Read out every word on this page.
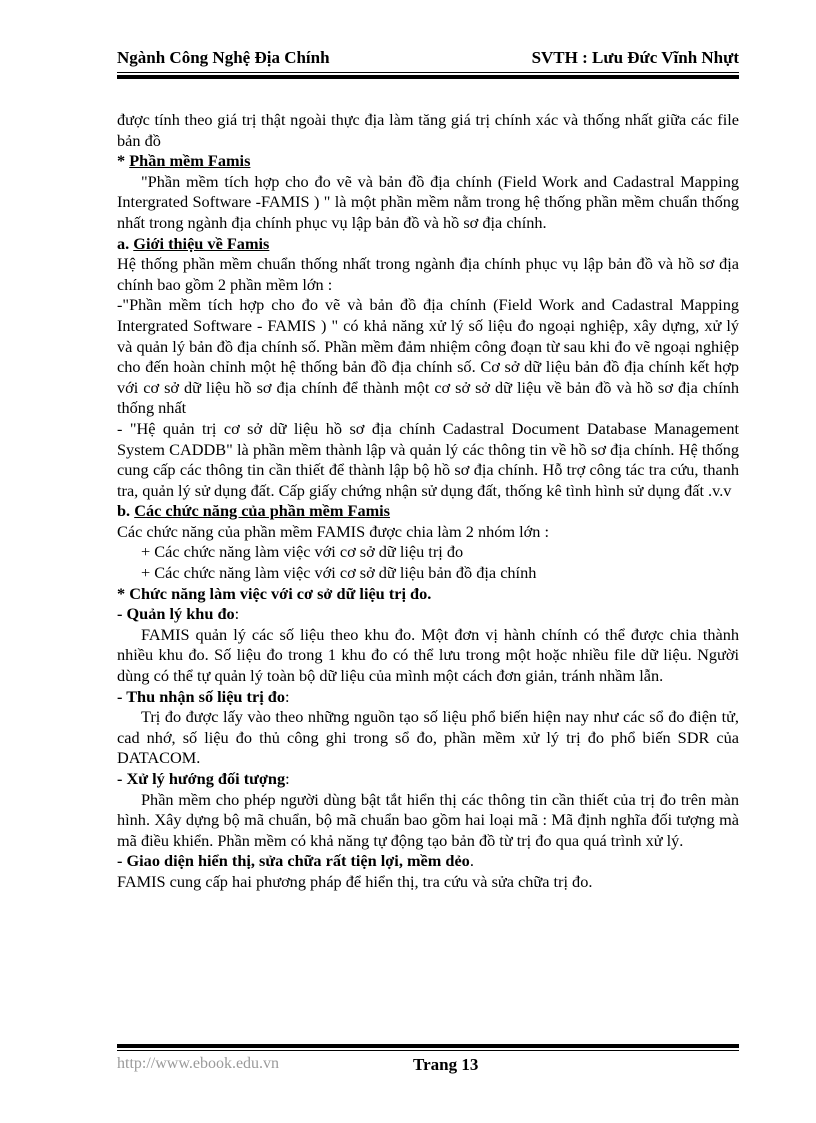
Ngành Công Nghệ Địa Chính	SVTH : Lưu Đức Vĩnh Nhựt

được tính theo giá trị thật ngoài thực địa làm tăng giá trị chính xác và thống nhất giữa các file bản đồ

* Phần mềm Famis

"Phần mềm tích hợp cho đo vẽ và bản đồ địa chính (Field Work and Cadastral Mapping Intergrated Software -FAMIS ) " là một phần mềm nằm trong hệ thống phần mềm chuẩn thống nhất trong ngành địa chính phục vụ lập bản đồ và hồ sơ địa chính.

a. Giới thiệu về Famis

Hệ thống phần mềm chuẩn thống nhất trong ngành địa chính phục vụ lập bản đồ và hồ sơ địa chính bao gồm 2 phần mềm lớn :

-"Phần mềm tích hợp cho đo vẽ và bản đồ địa chính (Field Work and Cadastral Mapping Intergrated Software - FAMIS ) " có khả năng xử lý số liệu đo ngoại nghiệp, xây dựng, xử lý và quản lý bản đồ địa chính số. Phần mềm đảm nhiệm công đoạn từ sau khi đo vẽ ngoại nghiệp cho đến hoàn chỉnh một hệ thống bản đồ địa chính số. Cơ sở dữ liệu bản đồ địa chính kết hợp với cơ sở dữ liệu hồ sơ địa chính để thành một cơ sở sở dữ liệu về bản đồ và hồ sơ địa chính thống nhất

- "Hệ quản trị cơ sở dữ liệu hồ sơ địa chính Cadastral Document Database Management System CADDB" là phần mềm thành lập và quản lý các thông tin về hồ sơ địa chính. Hệ thống cung cấp các thông tin cần thiết để thành lập bộ hồ sơ địa chính. Hỗ trợ công tác tra cứu, thanh tra, quản lý sử dụng đất. Cấp giấy chứng nhận sử dụng đất, thống kê tình hình sử dụng đất .v.v

b. Các chức năng của phần mềm Famis

Các chức năng của phần mềm FAMIS được chia làm 2 nhóm lớn :

+ Các chức năng làm việc với cơ sở dữ liệu trị đo

+ Các chức năng làm việc với cơ sở dữ liệu bản đồ địa chính

* Chức năng làm việc với cơ sở dữ liệu trị đo.

- Quản lý khu đo:

FAMIS quản lý các số liệu theo khu đo. Một đơn vị hành chính có thể được chia thành nhiều khu đo. Số liệu đo trong 1 khu đo có thể lưu trong một hoặc nhiều file dữ liệu. Người dùng có thể tự quản lý toàn bộ dữ liệu của mình một cách đơn giản, tránh nhầm lẫn.

- Thu nhận số liệu trị đo:

Trị đo được lấy vào theo những nguồn tạo số liệu phổ biến hiện nay như các sổ đo điện tử, cad nhớ, số liệu đo thủ công ghi trong sổ đo, phần mềm xử lý trị đo phổ biến SDR của DATACOM.

- Xử lý hướng đối tượng:

Phần mềm cho phép người dùng bật tắt hiển thị các thông tin cần thiết của trị đo trên màn hình. Xây dựng bộ mã chuẩn, bộ mã chuẩn bao gồm hai loại mã : Mã định nghĩa đối tượng mà mã điều khiển. Phần mềm có khả năng tự động tạo bản đồ từ trị đo qua quá trình xử lý.

- Giao diện hiển thị, sửa chữa rất tiện lợi, mềm dẻo.

FAMIS cung cấp hai phương pháp để hiển thị, tra cứu và sửa chữa trị đo.

http://www.ebook.edu.vn	Trang 13
